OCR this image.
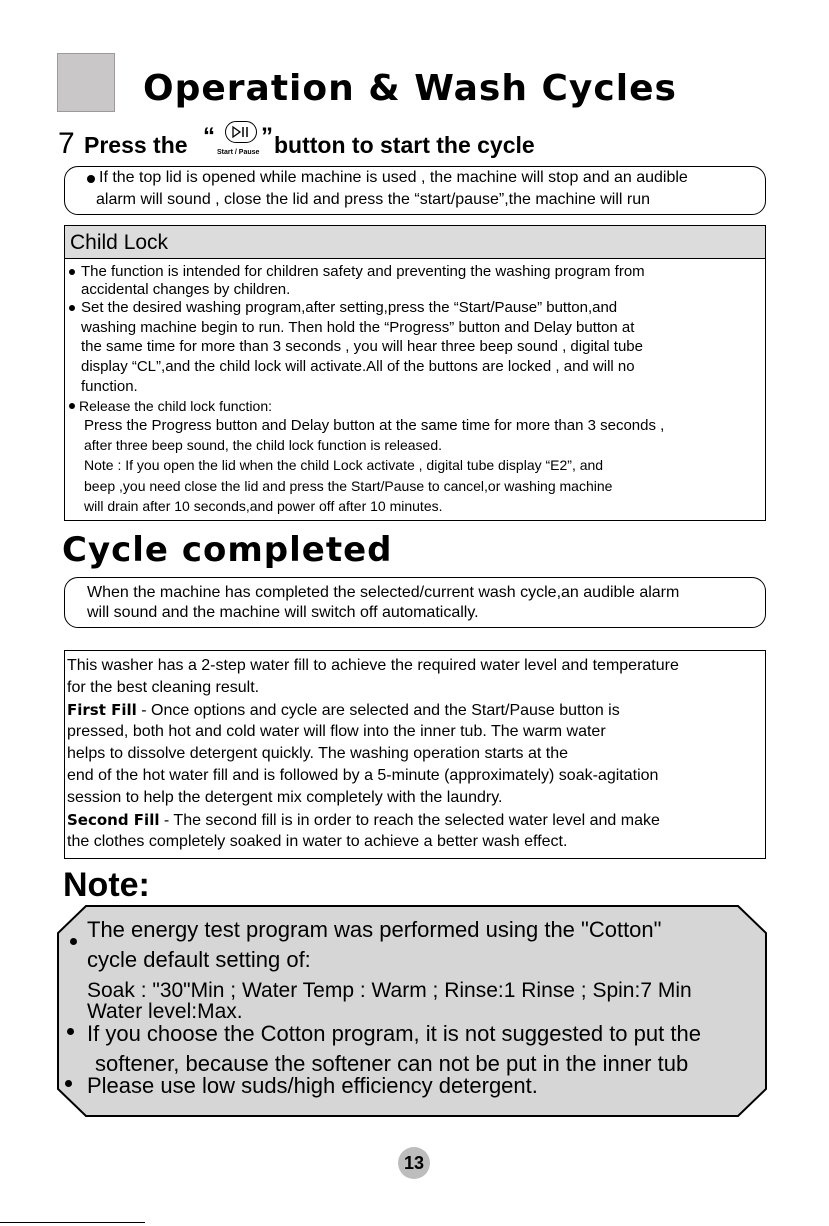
Operation & Wash Cycles
7 Press the “ ”
Start / Pause button to start the cycle

If the top lid is opened while machine is used , the machine will stop and an audible

alarm will sound , close the lid and press the “start/pause”,the machine will run

Child Lock
The function is intended for children safety and preventing the washing program from
accidental changes by children.
Set the desired washing program,after setting,press the “Start/Pause” button,and
washing machine begin to run. Then hold the “Progress” button and Delay button at
the same time for more than 3 seconds , you will hear three beep sound , digital tube
display “CL”,and the child lock will activate.All of the buttons are locked , and will no
function.
Release the child lock function:
Press the Progress button and Delay button at the same time for more than 3 seconds ,
after three beep sound, the child lock function is released.
Note : If you open the lid when the child Lock activate , digital tube display “E2”, and
beep ,you need close the lid and press the Start/Pause to cancel,or washing machine
will drain after 10 seconds,and power off after 10 minutes.
Cycle completed

When the machine has completed the selected/current wash cycle,an audible alarm

will sound and the machine will switch off automatically.

This washer has a 2-step water fill to achieve the required water level and temperature
for the best cleaning result.
First Fill - Once options and cycle are selected and the Start/Pause button is
pressed, both hot and cold water will flow into the inner tub. The warm water
helps to dissolve detergent quickly. The washing operation starts at the
end of the hot water fill and is followed by a 5-minute (approximately) soak-agitation
session to help the detergent mix completely with the laundry.
Second Fill - The second fill is in order to reach the selected water level and make
the clothes completely soaked in water to achieve a better wash effect.
Note:
The energy test program was performed using the "Cotton"
cycle default setting of:
Soak : "30"Min ; Water Temp : Warm ; Rinse:1 Rinse ; Spin:7 Min
Water level:Max.
If you choose the Cotton program, it is not suggested to put the
softener, because the softener can not be put in the inner tub
Please use low suds/high efficiency detergent.
13
